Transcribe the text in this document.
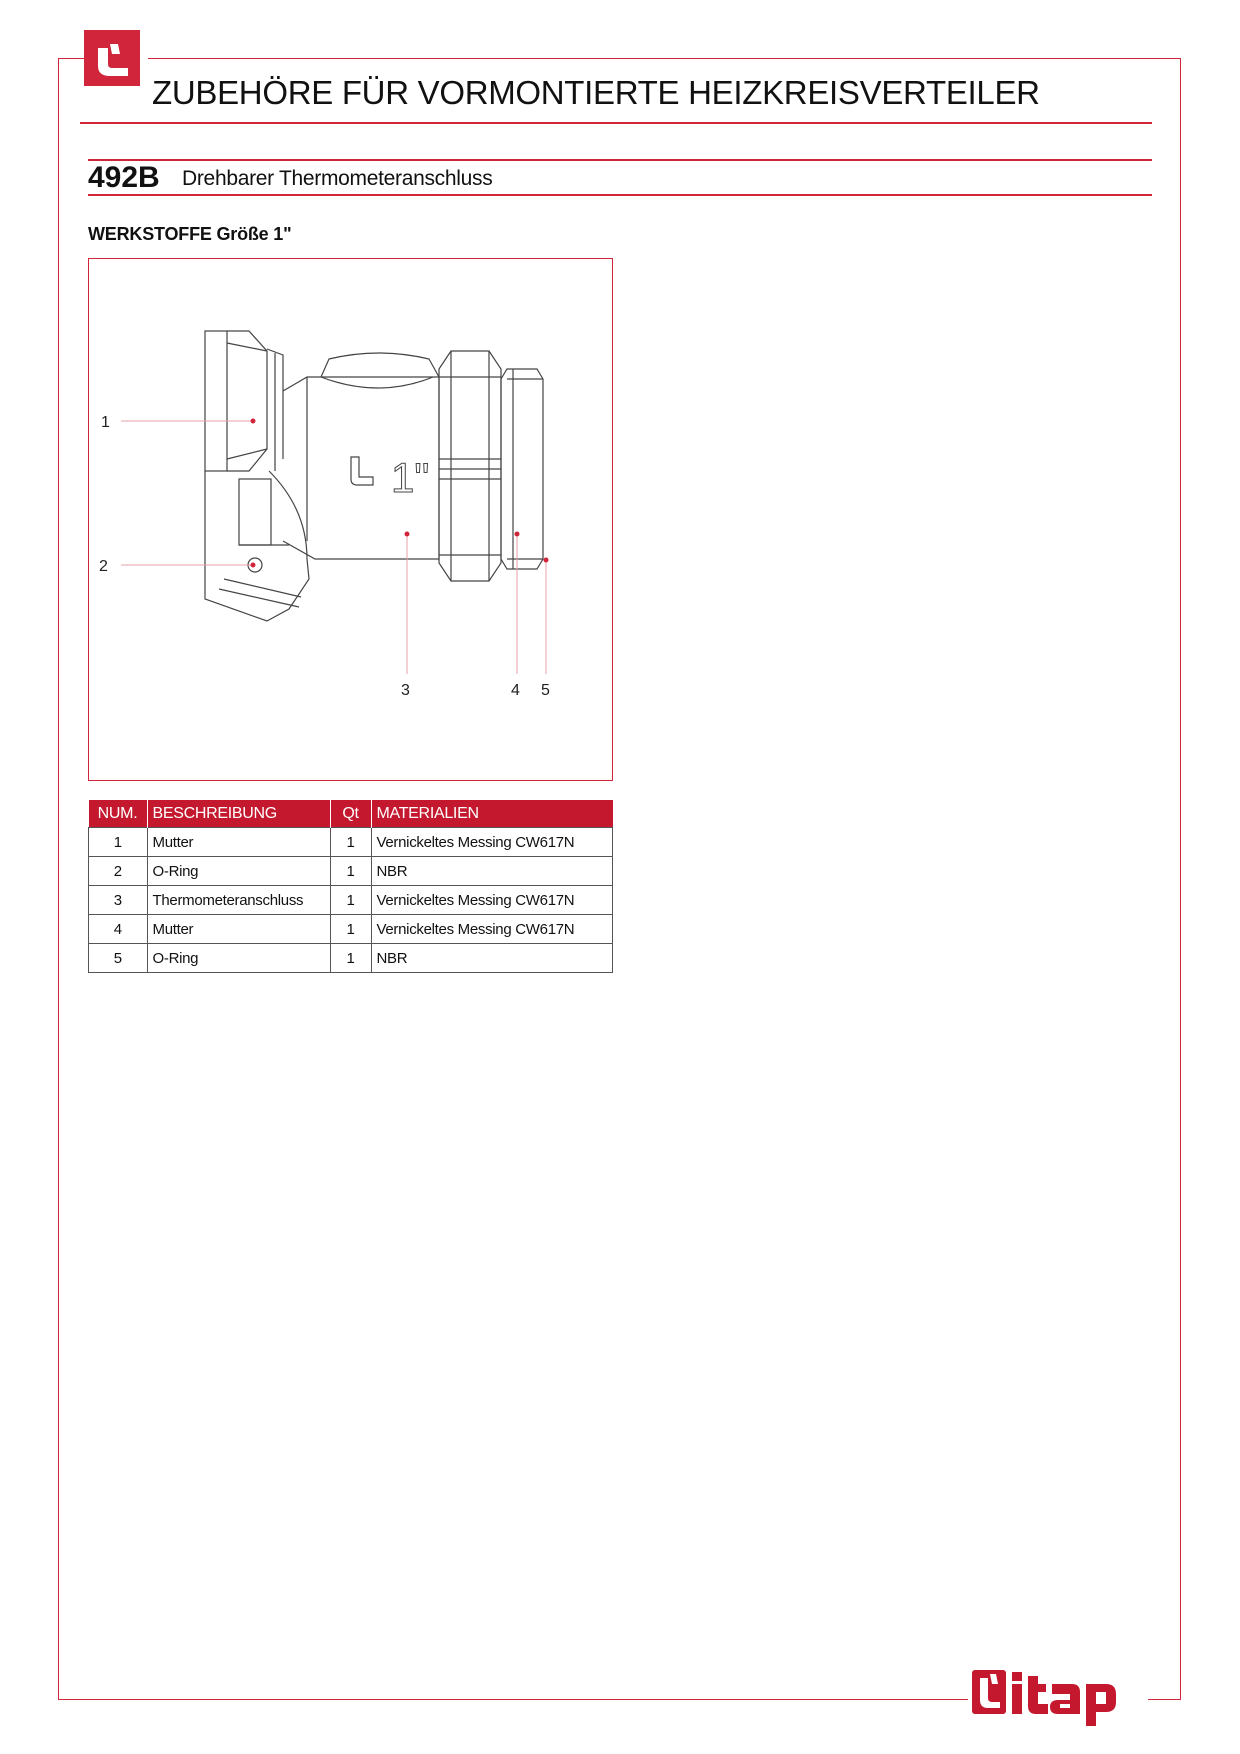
ZUBEHÖRE FÜR VORMONTIERTE HEIZKREISVERTEILER
492B Drehbarer Thermometeranschluss
WERKSTOFFE Größe 1"
1"
1
2
3	4 5
NUM.	BESCHREIBUNG	Qt	MATERIALIEN
1	Mutter	1	Vernickeltes Messing CW617N
2	O-Ring	1	NBR
3	Thermometeranschluss	1	Vernickeltes Messing CW617N
4	Mutter	1	Vernickeltes Messing CW617N
5	O-Ring	1	NBR
